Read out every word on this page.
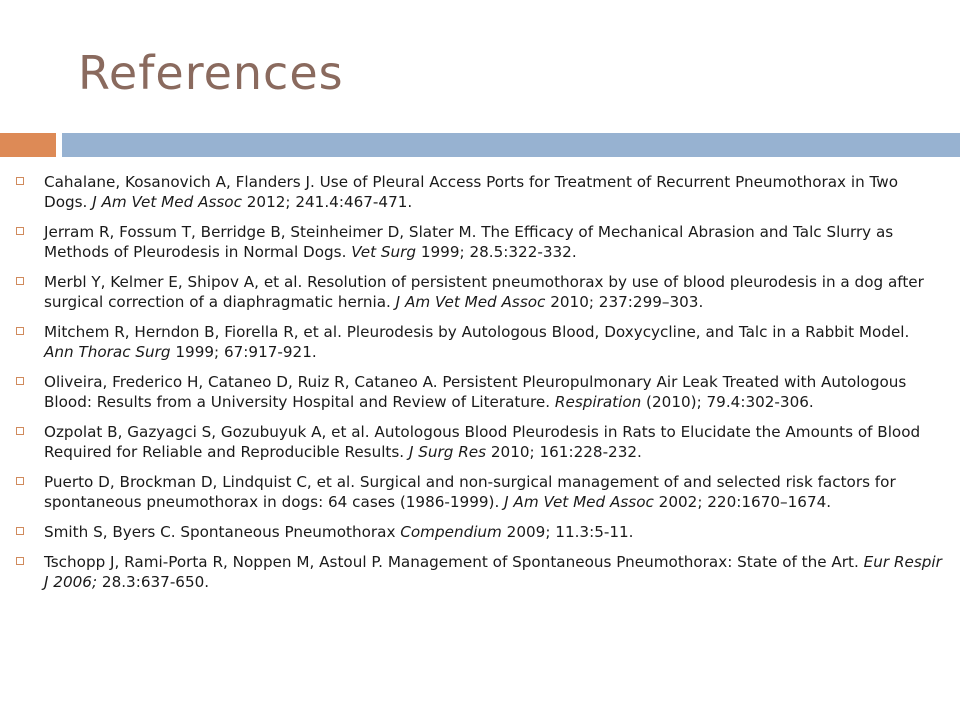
References
Cahalane, Kosanovich A, Flanders J. Use of Pleural Access Ports for Treatment of Recurrent Pneumothorax in Two Dogs. J Am Vet Med Assoc 2012; 241.4:467-471.
Jerram R, Fossum T, Berridge B, Steinheimer D, Slater M. The Efficacy of Mechanical Abrasion and Talc Slurry as Methods of Pleurodesis in Normal Dogs. Vet Surg 1999; 28.5:322-332.
Merbl Y, Kelmer E, Shipov A, et al. Resolution of persistent pneumothorax by use of blood pleurodesis in a dog after surgical correction of a diaphragmatic hernia. J Am Vet Med Assoc 2010; 237:299–303.
Mitchem R, Herndon B, Fiorella R, et al. Pleurodesis by Autologous Blood, Doxycycline, and Talc in a Rabbit Model. Ann Thorac Surg 1999; 67:917-921.
Oliveira, Frederico H, Cataneo D, Ruiz R, Cataneo A. Persistent Pleuropulmonary Air Leak Treated with Autologous Blood: Results from a University Hospital and Review of Literature. Respiration (2010); 79.4:302-306.
Ozpolat B, Gazyagci S, Gozubuyuk A, et al. Autologous Blood Pleurodesis in Rats to Elucidate the Amounts of Blood Required for Reliable and Reproducible Results. J Surg Res 2010; 161:228-232.
Puerto D, Brockman D, Lindquist C, et al. Surgical and non-surgical management of and selected risk factors for spontaneous pneumothorax in dogs: 64 cases (1986-1999). J Am Vet Med Assoc 2002; 220:1670–1674.
Smith S, Byers C. Spontaneous Pneumothorax Compendium 2009; 11.3:5-11.
Tschopp J, Rami-Porta R, Noppen M, Astoul P. Management of Spontaneous Pneumothorax: State of the Art. Eur Respir J 2006; 28.3:637-650.
